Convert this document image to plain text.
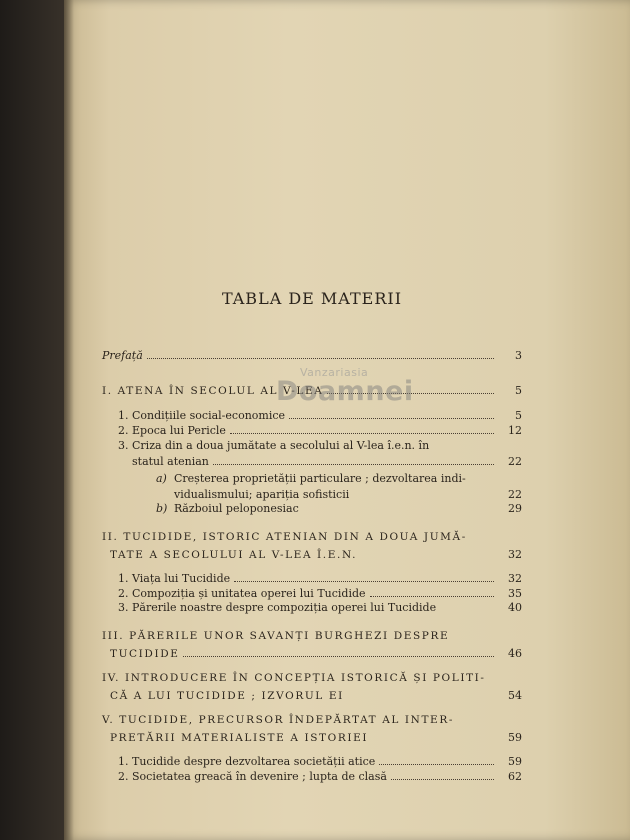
TABLA DE MATERII
Prefață	3
I. ATENA ÎN SECOLUL AL V-LEA	5
1. Condițiile social-economice	5
2. Epoca lui Pericle	12
3. Criza din a doua jumătate a secolului al V-lea î.e.n. în
statul atenian	22
a) Creșterea proprietății particulare ; dezvoltarea indi-
vidualismului; apariția sofisticii	22
b) Războiul peloponesiac	29
II. TUCIDIDE, ISTORIC ATENIAN DIN A DOUA JUMĂ-
TATE A SECOLULUI AL V-LEA Î.E.N.	32
1. Viața lui Tucidide	32
2. Compoziția și unitatea operei lui Tucidide	35
3. Părerile noastre despre compoziția operei lui Tucidide	40
III. PĂRERILE UNOR SAVANȚI BURGHEZI DESPRE
TUCIDIDE	46
IV. INTRODUCERE ÎN CONCEPȚIA ISTORICĂ ȘI POLITI-
CĂ A LUI TUCIDIDE ; IZVORUL EI	54
V. TUCIDIDE, PRECURSOR ÎNDEPĂRTAT AL INTER-
PRETĂRII MATERIALISTE A ISTORIEI	59
1. Tucidide despre dezvoltarea societății atice	59
2. Societatea greacă în devenire ; lupta de clasă	62
Vanzariasia
Doamnei
